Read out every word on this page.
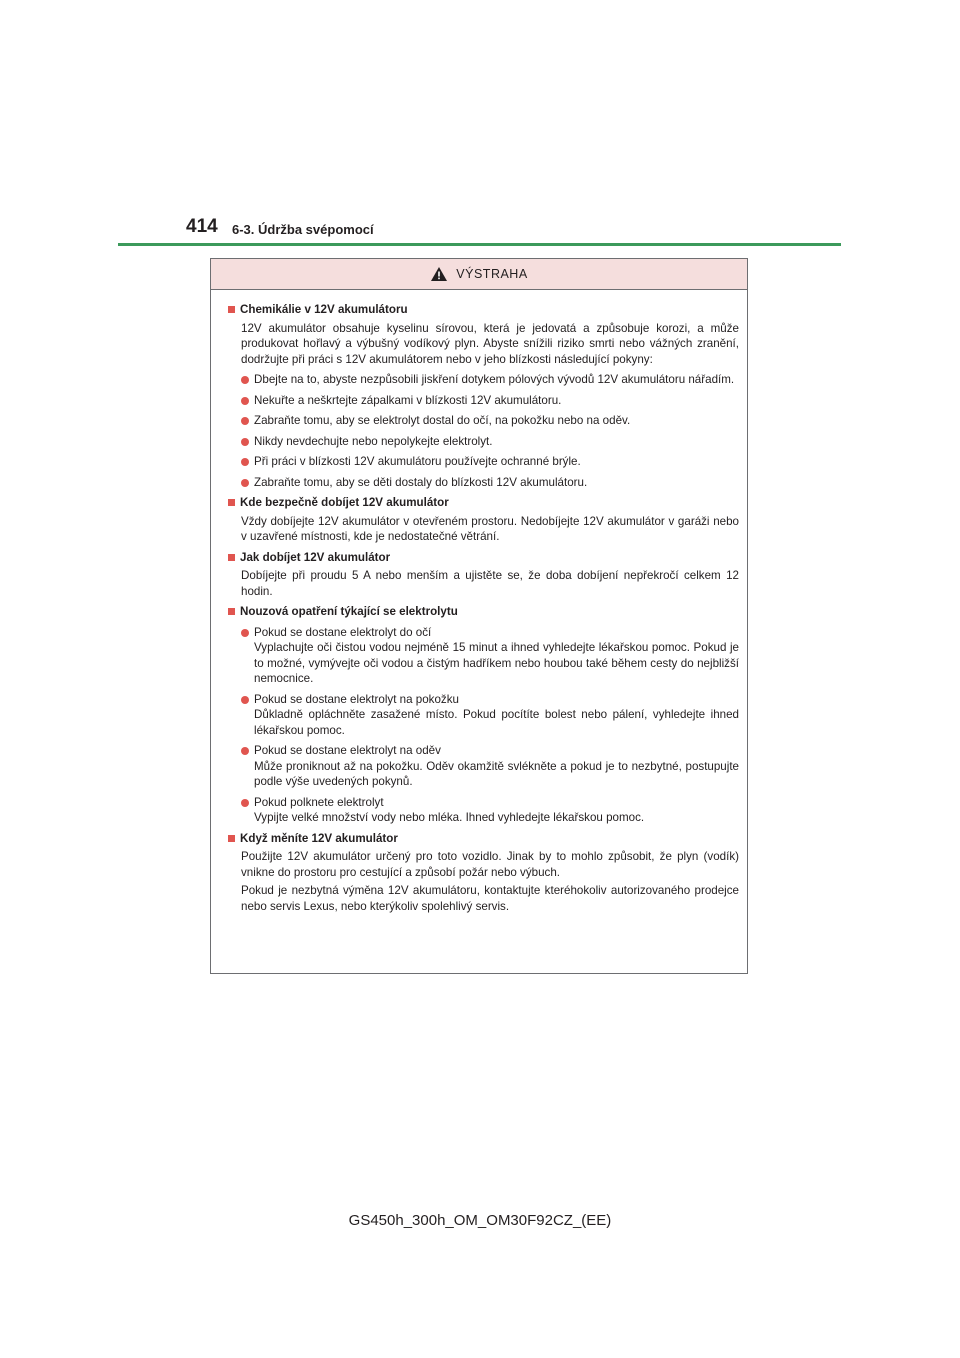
414 6-3. Údržba svépomocí
VÝSTRAHA
Chemikálie v 12V akumulátoru
12V akumulátor obsahuje kyselinu sírovou, která je jedovatá a způsobuje korozi, a může produkovat hořlavý a výbušný vodíkový plyn. Abyste snížili riziko smrti nebo vážných zranění, dodržujte při práci s 12V akumulátorem nebo v jeho blízkosti následující pokyny:
Dbejte na to, abyste nezpůsobili jiskření dotykem pólových vývodů 12V akumulátoru nářadím.
Nekuřte a neškrtejte zápalkami v blízkosti 12V akumulátoru.
Zabraňte tomu, aby se elektrolyt dostal do očí, na pokožku nebo na oděv.
Nikdy nevdechujte nebo nepolykejte elektrolyt.
Při práci v blízkosti 12V akumulátoru používejte ochranné brýle.
Zabraňte tomu, aby se děti dostaly do blízkosti 12V akumulátoru.
Kde bezpečně dobíjet 12V akumulátor
Vždy dobíjejte 12V akumulátor v otevřeném prostoru. Nedobíjejte 12V akumulátor v garáži nebo v uzavřené místnosti, kde je nedostatečné větrání.
Jak dobíjet 12V akumulátor
Dobíjejte při proudu 5 A nebo menším a ujistěte se, že doba dobíjení nepřekročí celkem 12 hodin.
Nouzová opatření týkající se elektrolytu
Pokud se dostane elektrolyt do očí
Vyplachujte oči čistou vodou nejméně 15 minut a ihned vyhledejte lékařskou pomoc. Pokud je to možné, vymývejte oči vodou a čistým hadříkem nebo houbou také během cesty do nejbližší nemocnice.
Pokud se dostane elektrolyt na pokožku
Důkladně opláchněte zasažené místo. Pokud pocítíte bolest nebo pálení, vyhledejte ihned lékařskou pomoc.
Pokud se dostane elektrolyt na oděv
Může proniknout až na pokožku. Oděv okamžitě svlékněte a pokud je to nezbytné, postupujte podle výše uvedených pokynů.
Pokud polknete elektrolyt
Vypijte velké množství vody nebo mléka. Ihned vyhledejte lékařskou pomoc.
Když měníte 12V akumulátor
Použijte 12V akumulátor určený pro toto vozidlo. Jinak by to mohlo způsobit, že plyn (vodík) vnikne do prostoru pro cestující a způsobí požár nebo výbuch.
Pokud je nezbytná výměna 12V akumulátoru, kontaktujte kteréhokoliv autorizovaného prodejce nebo servis Lexus, nebo kterýkoliv spolehlivý servis.
GS450h_300h_OM_OM30F92CZ_(EE)
